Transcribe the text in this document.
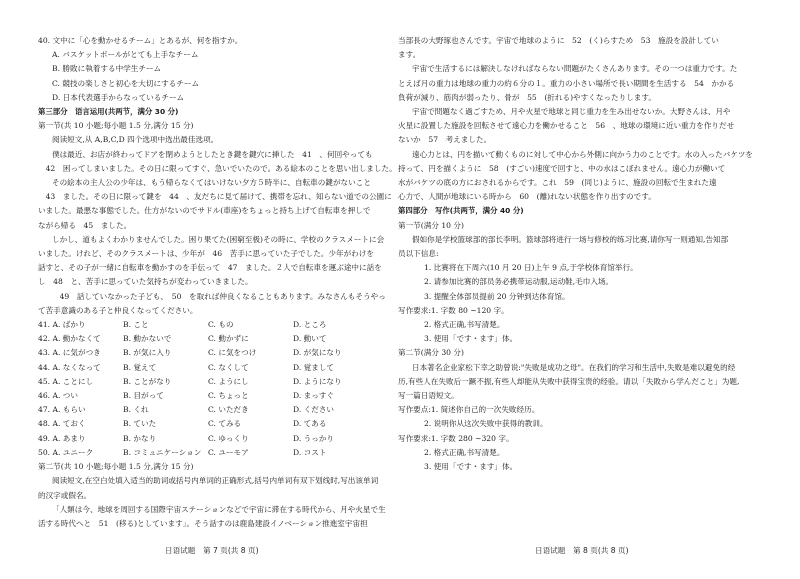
40. 文中に「心を動かせるチーム」とあるが、何を指すか。

A. バスケットボールがとても上手なチーム

B. 勝敗に執着する中学生チーム

C. 競技の楽しさと初心を大切にするチーム

D. 日本代表選手からなっているチーム

第三部分　语言运用(共两节，满分 30 分)

第一节(共 10 小题;每小题 1.5 分,满分 15 分)

阅读短文,从 A,B,C,D 四个选项中选出最佳选项。

僕は最近、お店が終わってドアを閉めようとしたとき鍵を鍵穴に挿した　41　、何回やっても

　42　困ってしまいました。その日に限ってすぐ、急いでいたので。ある絵本のことを思い出しました。

その絵本の主人公の少年は、もう帰らなくてはいけない夕方５時半に、自転車の鍵がないこと

　43　ました。その日に限って鍵を　44　、友だちに見て届けて、携帯を忘れ、知らない道での公園に

いました。最悪な事態でした。仕方がないのでサドル(車座)をちょっと持ち上げて自転車を押しで

ながら帰る　45　ました。

しかし、道もよくわかりませんでした。困り果てた(困窮至极)その時に、学校のクラスメートに会

いました。けれど、そのクラスメートは、少年が　46　苦手に思っていた子でした。少年がわけを

話すと、その子が一緒に自転車を動かすのを手伝って　47　ました。２人で自転車を運ぶ途中に話を

し　48　と、苦手に思っていた気持ちが変わっていきました。

　49　話していなかった子ども、　50　を取れば仲良くなることもあります。みなさんもそうやっ

て苦手意識のある子と仲良くなってください。

41. A. ばかり	B. こと	C. もの	D. ところ
42. A. 動かなくて	B. 動かないで	C. 動かずに	D. 動いて
43. A. に気がつき	B. が気に入り	C. に気をつけ	D. が気になり
44. A. なくなって	B. 覚えて	C. なくして	D. 覚まして
45. A. ことにし	B. ことがなり	C. ようにし	D. ようになり
46. A. つい	B. 目がって	C. ちょっと	D. まっすぐ
47. A. もらい	B. くれ	C. いただき	D. ください
48. A. ておく	B. ていた	C. てみる	D. てある
49. A. あまり	B. かなり	C. ゆっくり	D. うっかり
50. A. ユニーク	B. コミュニケーション C. ユーモア	D. コスト

第二节(共 10 小题;每小题 1.5 分,满分 15 分)

阅读短文,在空白处填入适当的助词或括号内单词的正确形式,括号内单词有双下划线时,写出该单词

的汉字或假名。

「人類は今、地球を周回する国際宇宙ステーションなどで宇宙に滞在する時代から、月や火星で生

活する時代へと　51　(移る)としています」。そう話すのは鹿島建設イノベーション推進室宇宙担

当部長の大野琢也さんです。宇宙で地球のように　52　(く)らすため　53　施設を設計してい

ます。

宇宙で生活するには解決しなければならない問題がたくさんあります。その一つは重力です。た

とえば月の重力は地球の重力の約６分の１。重力の小さい場所で長い期間を生活する　54　かかる

負荷が減り、筋肉が弱ったり、骨が　55　(折れる)やすくなったりします。

宇宙で問題なく過ごすため、月や火星で地球と同じ重力を生み出せないか。大野さんは、月や

火星に設置した施設を回転させて遠心力を働かせること　56　、地球の環境に近い重力を作りだせ

ないか　57　考えました。

遠心力とは、円を描いて動くものに対して中心から外側に向かう力のことです。水の入ったバケツを

持って、円を描くように　58　(すごい)速度で回すと、中の水はこぼれません。遠心力が働いて

水がバケツの底の方におされるからです。これ　59　(同じ)ように、施設の回転で生まれた遠

心力で、人間が地球にいる時から　60　(離)れない状態を作り出すのです。

第四部分　写作(共两节，满分 40 分)

第一节(满分 10 分)

假如你是学校篮球部的部长李明。篮球部将进行一场与修校的练习比赛,请你写一则通知,告知部

员以下信息:

1. 比赛将在下周六(10 月 20 日)上午 9 点,于学校体育馆举行。

2. 请参加比赛的部员务必携带运动服,运动鞋,毛巾入场。

3. 提醒全体部员提前 20 分钟到达体育馆。

写作要求:1. 字数 80 ~120 字。

2. 格式正确,书写清楚。

3. 使用「です・ます」体。

第二节(满分 30 分)

日本著名企业家松下幸之助曾说:"失败是成功之母"。在我们的学习和生活中,失败是难以避免的经

历,有些人在失败后一蹶不振,有些人却能从失败中获得宝贵的经验。请以「失敗から学んだこと」为题,

写一篇日语短文。

写作要点:1. 简述你自己的一次失败经历。

2. 说明你从这次失败中获得的教训。

写作要求:1. 字数 280 ~320 字。

2. 格式正确,书写清楚。

3. 使用「です・ます」体。

日语试题　第 7 页(共 8 页)	日语试题　第 8 页(共 8 页)
